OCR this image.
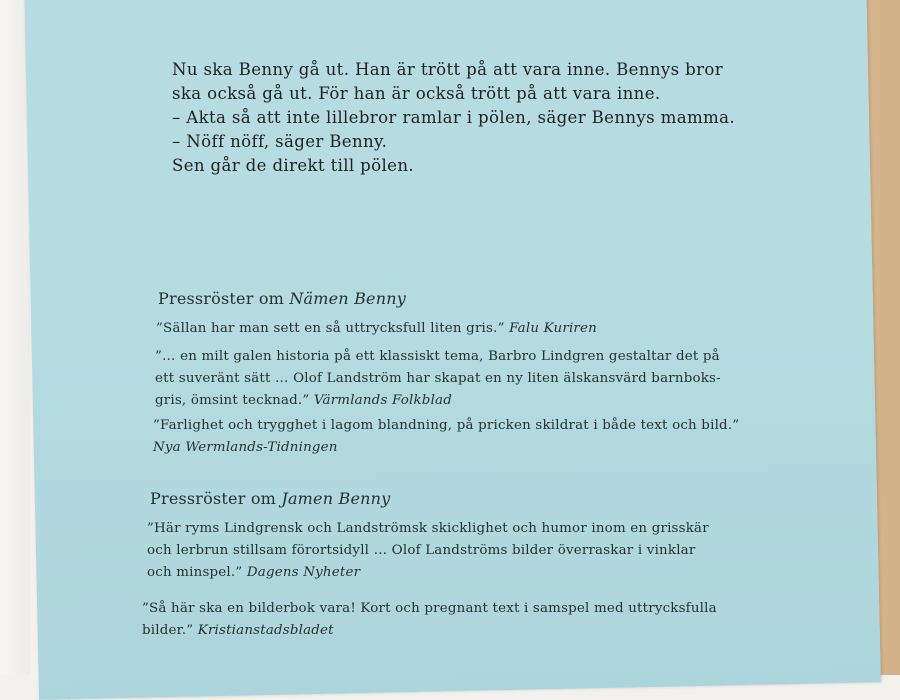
Nu ska Benny gå ut. Han är trött på att vara inne. Bennys bror

ska också gå ut. För han är också trött på att vara inne.

– Akta så att inte lillebror ramlar i pölen, säger Bennys mamma.

– Nöff nöff, säger Benny.

Sen går de direkt till pölen.

Pressröster om Nämen Benny

”Sällan har man sett en så uttrycksfull liten gris.” Falu Kuriren

”… en milt galen historia på ett klassiskt tema, Barbro Lindgren gestaltar det på

ett suveränt sätt … Olof Landström har skapat en ny liten älskansvärd barnboks-

gris, ömsint tecknad.” Värmlands Folkblad

”Farlighet och trygghet i lagom blandning, på pricken skildrat i både text och bild.”

Nya Wermlands-Tidningen

Pressröster om Jamen Benny

”Här ryms Lindgrensk och Landströmsk skicklighet och humor inom en grisskär

och lerbrun stillsam förortsidyll … Olof Landströms bilder överraskar i vinklar

och minspel.” Dagens Nyheter

”Så här ska en bilderbok vara! Kort och pregnant text i samspel med uttrycksfulla

bilder.” Kristianstadsbladet
